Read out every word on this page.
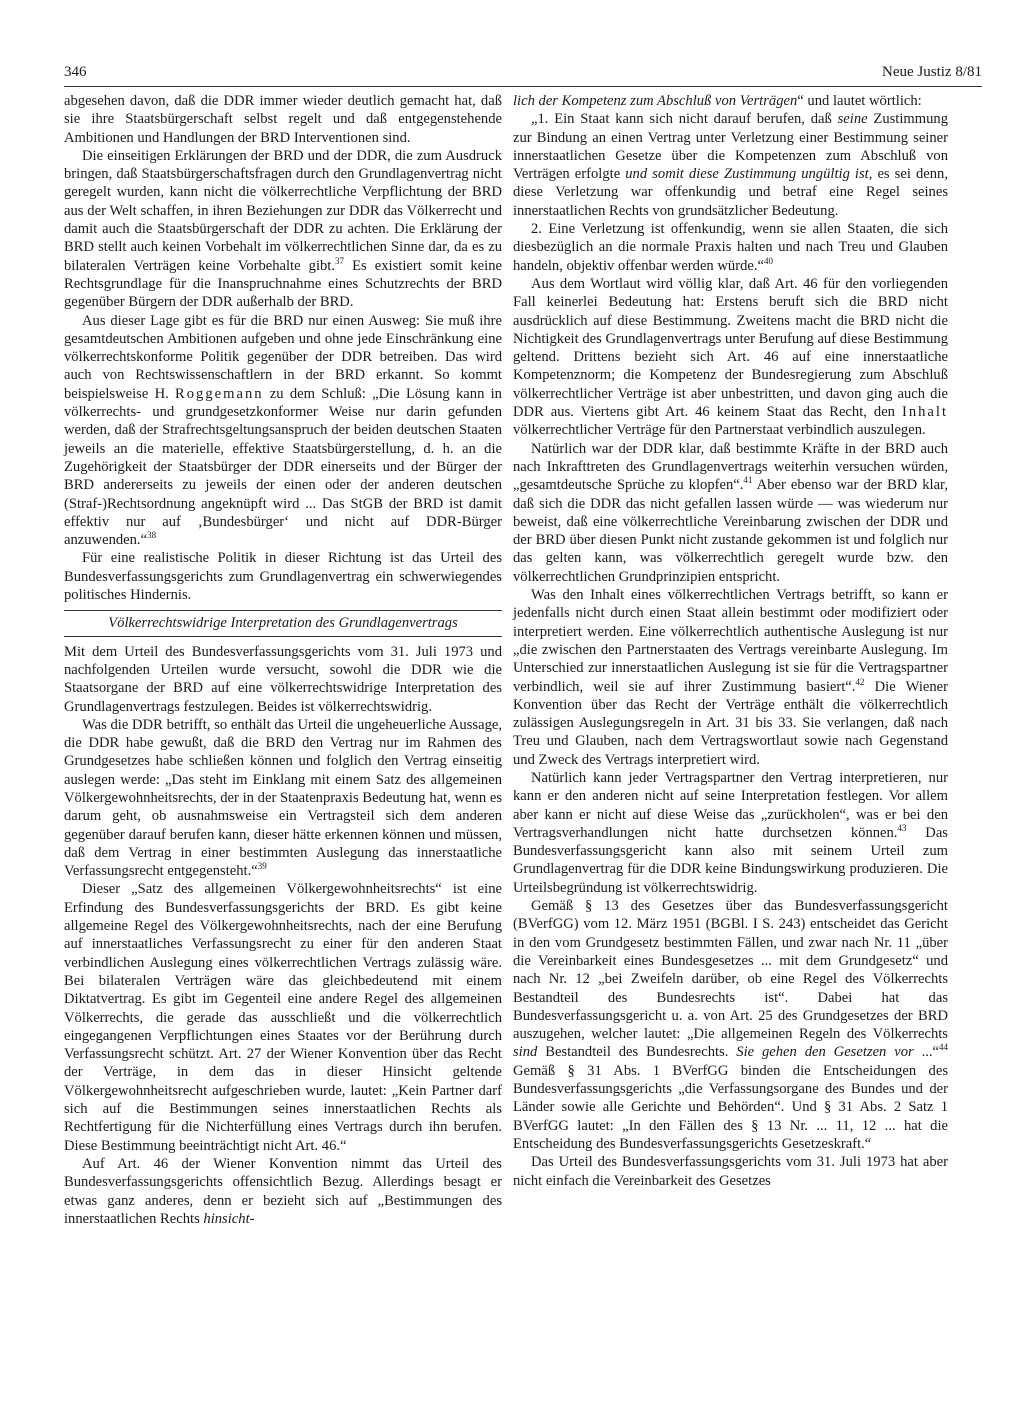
346	Neue Justiz 8/81

abgesehen davon, daß die DDR immer wieder deutlich gemacht hat, daß sie ihre Staatsbürgerschaft selbst regelt und daß entgegenstehende Ambitionen und Handlungen der BRD Interventionen sind.

Die einseitigen Erklärungen der BRD und der DDR, die zum Ausdruck bringen, daß Staatsbürgerschaftsfragen durch den Grundlagenvertrag nicht geregelt wurden, kann nicht die völkerrechtliche Verpflichtung der BRD aus der Welt schaffen, in ihren Beziehungen zur DDR das Völkerrecht und damit auch die Staatsbürgerschaft der DDR zu achten. Die Erklärung der BRD stellt auch keinen Vorbehalt im völkerrechtlichen Sinne dar, da es zu bilateralen Verträgen keine Vorbehalte gibt.$^{37}$ Es existiert somit keine Rechtsgrundlage für die Inanspruchnahme eines Schutzrechts der BRD gegenüber Bürgern der DDR außerhalb der BRD.

Aus dieser Lage gibt es für die BRD nur einen Ausweg: Sie muß ihre gesamtdeutschen Ambitionen aufgeben und ohne jede Einschränkung eine völkerrechtskonforme Politik gegenüber der DDR betreiben. Das wird auch von Rechtswissenschaftlern in der BRD erkannt. So kommt beispielsweise H. Roggemann zu dem Schluß: „Die Lösung kann in völkerrechts- und grundgesetzkonformer Weise nur darin gefunden werden, daß der Strafrechtsgeltungsanspruch der beiden deutschen Staaten jeweils an die materielle, effektive Staatsbürgerstellung, d. h. an die Zugehörigkeit der Staatsbürger der DDR einerseits und der Bürger der BRD andererseits zu jeweils der einen oder der anderen deutschen (Straf-)Rechtsordnung angeknüpft wird ... Das StGB der BRD ist damit effektiv nur auf ‚Bundesbürger‘ und nicht auf DDR-Bürger anzuwenden.“$^{38}$

Für eine realistische Politik in dieser Richtung ist das Urteil des Bundesverfassungsgerichts zum Grundlagenvertrag ein schwerwiegendes politisches Hindernis.

Völkerrechtswidrige Interpretation des Grundlagenvertrags

Mit dem Urteil des Bundesverfassungsgerichts vom 31. Juli 1973 und nachfolgenden Urteilen wurde versucht, sowohl die DDR wie die Staatsorgane der BRD auf eine völkerrechtswidrige Interpretation des Grundlagenvertrags festzulegen. Beides ist völkerrechtswidrig.

Was die DDR betrifft, so enthält das Urteil die ungeheuerliche Aussage, die DDR habe gewußt, daß die BRD den Vertrag nur im Rahmen des Grundgesetzes habe schließen können und folglich den Vertrag einseitig auslegen werde: „Das steht im Einklang mit einem Satz des allgemeinen Völkergewohnheitsrechts, der in der Staatenpraxis Bedeutung hat, wenn es darum geht, ob ausnahmsweise ein Vertragsteil sich dem anderen gegenüber darauf berufen kann, dieser hätte erkennen können und müssen, daß dem Vertrag in einer bestimmten Auslegung das innerstaatliche Verfassungsrecht entgegensteht.“$^{39}$

Dieser „Satz des allgemeinen Völkergewohnheitsrechts“ ist eine Erfindung des Bundesverfassungsgerichts der BRD. Es gibt keine allgemeine Regel des Völkergewohnheitsrechts, nach der eine Berufung auf innerstaatliches Verfassungsrecht zu einer für den anderen Staat verbindlichen Auslegung eines völkerrechtlichen Vertrags zulässig wäre. Bei bilateralen Verträgen wäre das gleichbedeutend mit einem Diktatvertrag. Es gibt im Gegenteil eine andere Regel des allgemeinen Völkerrechts, die gerade das ausschließt und die völkerrechtlich eingegangenen Verpflichtungen eines Staates vor der Berührung durch Verfassungsrecht schützt. Art. 27 der Wiener Konvention über das Recht der Verträge, in dem das in dieser Hinsicht geltende Völkergewohnheitsrecht aufgeschrieben wurde, lautet: „Kein Partner darf sich auf die Bestimmungen seines innerstaatlichen Rechts als Rechtfertigung für die Nichterfüllung eines Vertrags durch ihn berufen. Diese Bestimmung beeinträchtigt nicht Art. 46.“

Auf Art. 46 der Wiener Konvention nimmt das Urteil des Bundesverfassungsgerichts offensichtlich Bezug. Allerdings besagt er etwas ganz anderes, denn er bezieht sich auf „Bestimmungen des innerstaatlichen Rechts hinsicht-

lich der Kompetenz zum Abschluß von Verträgen“ und lautet wörtlich:

„1. Ein Staat kann sich nicht darauf berufen, daß seine Zustimmung zur Bindung an einen Vertrag unter Verletzung einer Bestimmung seiner innerstaatlichen Gesetze über die Kompetenzen zum Abschluß von Verträgen erfolgte und somit diese Zustimmung ungültig ist, es sei denn, diese Verletzung war offenkundig und betraf eine Regel seines innerstaatlichen Rechts von grundsätzlicher Bedeutung.

2. Eine Verletzung ist offenkundig, wenn sie allen Staaten, die sich diesbezüglich an die normale Praxis halten und nach Treu und Glauben handeln, objektiv offenbar werden würde.“$^{40}$

Aus dem Wortlaut wird völlig klar, daß Art. 46 für den vorliegenden Fall keinerlei Bedeutung hat: Erstens beruft sich die BRD nicht ausdrücklich auf diese Bestimmung. Zweitens macht die BRD nicht die Nichtigkeit des Grundlagenvertrags unter Berufung auf diese Bestimmung geltend. Drittens bezieht sich Art. 46 auf eine innerstaatliche Kompetenznorm; die Kompetenz der Bundesregierung zum Abschluß völkerrechtlicher Verträge ist aber unbestritten, und davon ging auch die DDR aus. Viertens gibt Art. 46 keinem Staat das Recht, den Inhalt völkerrechtlicher Verträge für den Partnerstaat verbindlich auszulegen.

Natürlich war der DDR klar, daß bestimmte Kräfte in der BRD auch nach Inkrafttreten des Grundlagenvertrags weiterhin versuchen würden, „gesamtdeutsche Sprüche zu klopfen“.$^{41}$ Aber ebenso war der BRD klar, daß sich die DDR das nicht gefallen lassen würde — was wiederum nur beweist, daß eine völkerrechtliche Vereinbarung zwischen der DDR und der BRD über diesen Punkt nicht zustande gekommen ist und folglich nur das gelten kann, was völkerrechtlich geregelt wurde bzw. den völkerrechtlichen Grundprinzipien entspricht.

Was den Inhalt eines völkerrechtlichen Vertrags betrifft, so kann er jedenfalls nicht durch einen Staat allein bestimmt oder modifiziert oder interpretiert werden. Eine völkerrechtlich authentische Auslegung ist nur „die zwischen den Partnerstaaten des Vertrags vereinbarte Auslegung. Im Unterschied zur innerstaatlichen Auslegung ist sie für die Vertragspartner verbindlich, weil sie auf ihrer Zustimmung basiert“.$^{42}$ Die Wiener Konvention über das Recht der Verträge enthält die völkerrechtlich zulässigen Auslegungsregeln in Art. 31 bis 33. Sie verlangen, daß nach Treu und Glauben, nach dem Vertragswortlaut sowie nach Gegenstand und Zweck des Vertrags interpretiert wird.

Natürlich kann jeder Vertragspartner den Vertrag interpretieren, nur kann er den anderen nicht auf seine Interpretation festlegen. Vor allem aber kann er nicht auf diese Weise das „zurückholen“, was er bei den Vertragsverhandlungen nicht hatte durchsetzen können.$^{43}$ Das Bundesverfassungsgericht kann also mit seinem Urteil zum Grundlagenvertrag für die DDR keine Bindungswirkung produzieren. Die Urteilsbegründung ist völkerrechtswidrig.

Gemäß § 13 des Gesetzes über das Bundesverfassungsgericht (BVerfGG) vom 12. März 1951 (BGBl. I S. 243) entscheidet das Gericht in den vom Grundgesetz bestimmten Fällen, und zwar nach Nr. 11 „über die Vereinbarkeit eines Bundesgesetzes ... mit dem Grundgesetz“ und nach Nr. 12 „bei Zweifeln darüber, ob eine Regel des Völkerrechts Bestandteil des Bundesrechts ist“. Dabei hat das Bundesverfassungsgericht u. a. von Art. 25 des Grundgesetzes der BRD auszugehen, welcher lautet: „Die allgemeinen Regeln des Völkerrechts sind Bestandteil des Bundesrechts. Sie gehen den Gesetzen vor ...“$^{44}$ Gemäß § 31 Abs. 1 BVerfGG binden die Entscheidungen des Bundesverfassungsgerichts „die Verfassungsorgane des Bundes und der Länder sowie alle Gerichte und Behörden“. Und § 31 Abs. 2 Satz 1 BVerfGG lautet: „In den Fällen des § 13 Nr. ... 11, 12 ... hat die Entscheidung des Bundesverfassungsgerichts Gesetzeskraft.“

Das Urteil des Bundesverfassungsgerichts vom 31. Juli 1973 hat aber nicht einfach die Vereinbarkeit des Gesetzes
